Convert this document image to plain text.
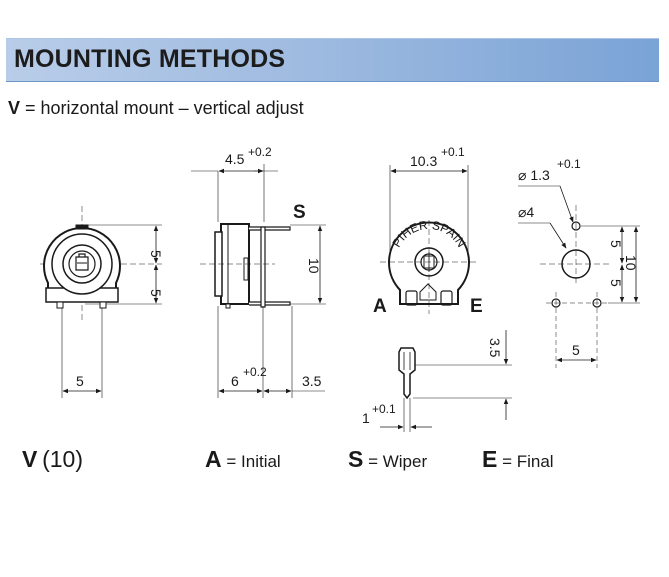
MOUNTING METHODS
V = horizontal mount – vertical adjust
5
5
5
4.5 +0.2
S
10
6
+0.2
3.5
PIHER SPAIN
10.3
+0.1
A	E
3.5
1
+0.1
⌀ 1.3
+0.1
⌀4
5
5
10
5
V (10)	A = Initial	S = Wiper E = Final
